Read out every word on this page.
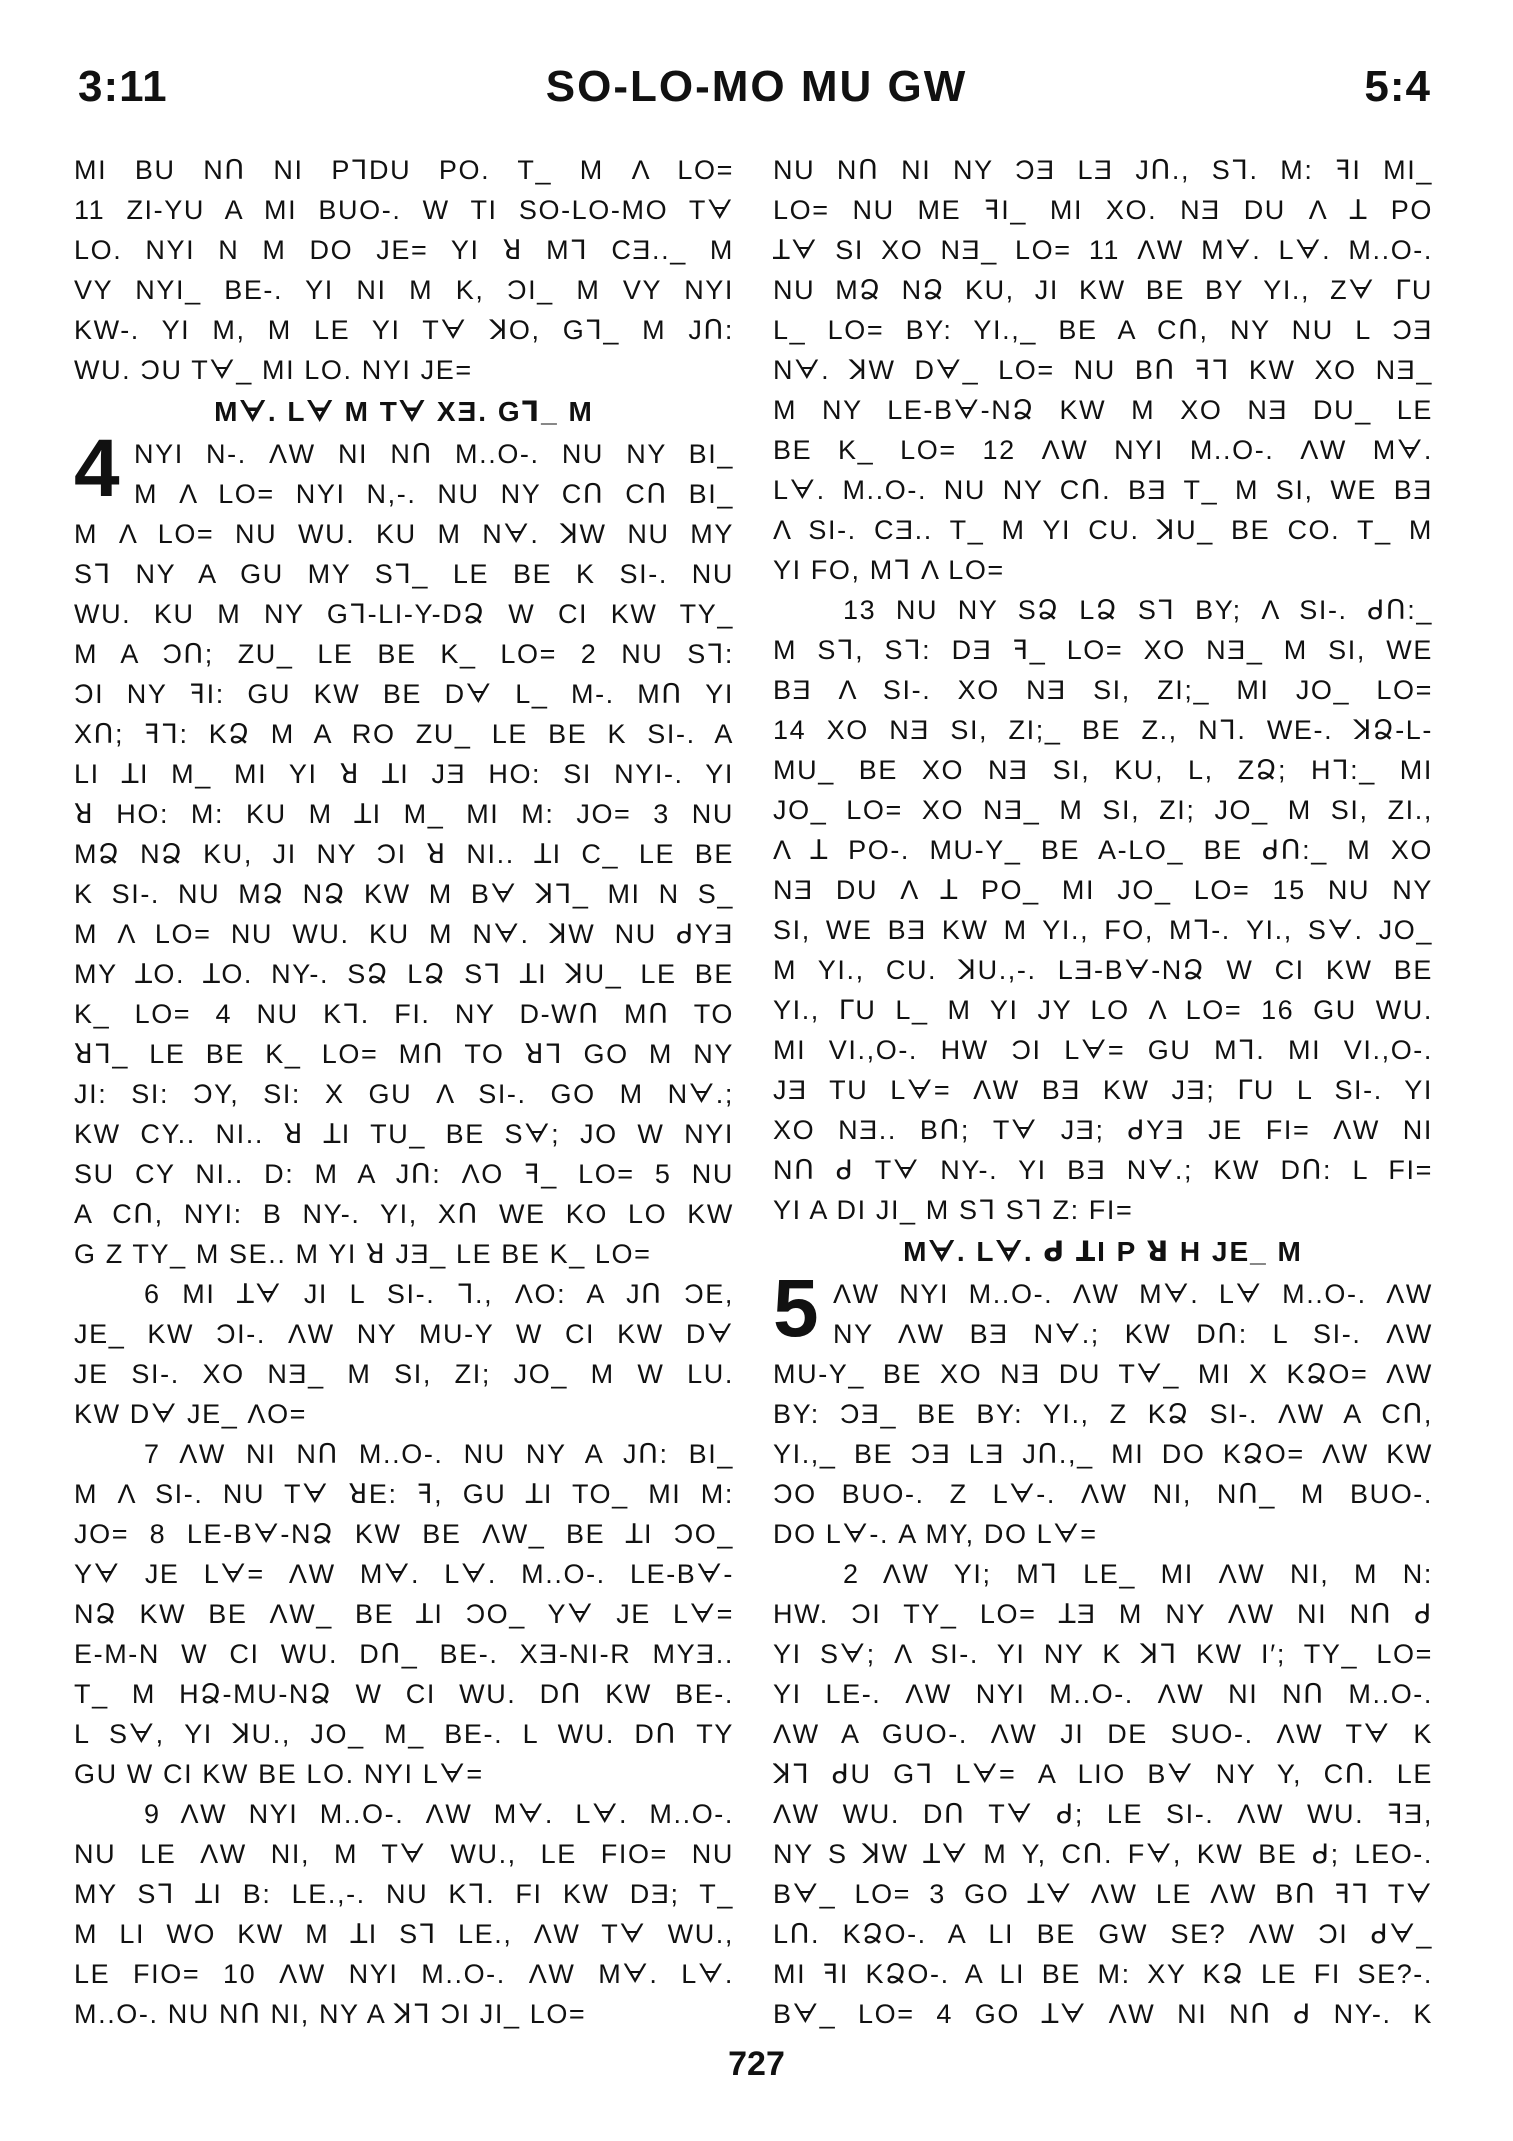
3:11	SO-LO-MO MU GW	5:4
MI BU NՈ NI PᒣDU PO. T_ M Λ LO=
11 ZI-YU A MI BUO-. W TI SO-LO-MO Tᗄ
LO. NYI N M DO JE= YI ꓤ Mᒣ CƎ.._ M
VY NYI_ BE-. YI NI M K, ƆI_ M VY NYI
KW-. YI M, M LE YI Tᗄ ꓘO, Gᒣ_ M JՈ:
WU. ƆU Tᗄ_ MI LO. NYI JE=
Mᗄ. Lᗄ M Tᗄ XƎ. Gᒣ_ M
4 NYI N-. ΛW NI NՈ M..O-. NU NY BI_
M Λ LO= NYI N,-. NU NY CՈ CՈ BI_
M Λ LO= NU WU. KU M Nᗄ. ꓘW NU MY
Sᒣ NY A GU MY Sᒣ_ LE BE K SI-. NU
WU. KU M NY Gᒣ-LI-Y-DՁ W CI KW TY_
M A ƆՈ; ZU_ LE BE K_ LO= 2 NU Sᒣ:
ƆI NY ꟻI: GU KW BE Dᗄ L_ M-. MՈ YI
XՈ; ꟻᒣ: KՁ M A RO ZU_ LE BE K SI-. A
LI ꓕI M_ MI YI ꓤ ꓕI JƎ HO: SI NYI-. YI
ꓤ HO: M: KU M ꓕI M_ MI M: JO= 3 NU
MՁ NՁ KU, JI NY ƆI ꓤ NI.. ꓕI C_ LE BE
K SI-. NU MՁ NՁ KW M Bᗄ ꓘᒣ_ MI N S_
M Λ LO= NU WU. KU M Nᗄ. ꓘW NU ᑯYƎ
MY ꓕO. ꓕO. NY-. SՁ LՁ Sᒣ ꓕI ꓘU_ LE BE
K_ LO= 4 NU Kᒣ. FI. NY D-WՈ MՈ TO
ꓤᒣ_ LE BE K_ LO= MՈ TO ꓤᒣ GO M NY
JI: SI: ƆY, SI: X GU Λ SI-. GO M Nᗄ.;
KW CY.. NI.. ꓤ ꓕI TU_ BE Sᗄ; JO W NYI
SU CY NI.. D: M A JՈ: ΛO ꟻ_ LO= 5 NU
A CՈ, NYI: B NY-. YI, XՈ WE KO LO KW
G Z TY_ M SE.. M YI ꓤ JƎ_ LE BE K_ LO=
6 MI ꓕᗄ JI L SI-. ᒣ., ΛO: A JՈ ƆE,
JE_ KW ƆI-. ΛW NY MU-Y W CI KW Dᗄ
JE SI-. XO NƎ_ M SI, ZI; JO_ M W LU.
KW Dᗄ JE_ ΛO=
7 ΛW NI NՈ M..O-. NU NY A JՈ: BI_
M Λ SI-. NU Tᗄ ꓤE: ꟻ, GU ꓕI TO_ MI M:
JO= 8 LE-Bᗄ-NՁ KW BE ΛW_ BE ꓕI ƆO_
Yᗄ JE Lᗄ= ΛW Mᗄ. Lᗄ. M..O-. LE-Bᗄ-
NՁ KW BE ΛW_ BE ꓕI ƆO_ Yᗄ JE Lᗄ=
E-M-N W CI WU. DՈ_ BE-. XƎ-NI-R MYƎ..
T_ M HՁ-MU-NՁ W CI WU. DՈ KW BE-.
L Sᗄ, YI ꓘU., JO_ M_ BE-. L WU. DՈ TY
GU W CI KW BE LO. NYI Lᗄ=
9 ΛW NYI M..O-. ΛW Mᗄ. Lᗄ. M..O-.
NU LE ΛW NI, M Tᗄ WU., LE FIO= NU
MY Sᒣ ꓕI B: LE.,-. NU Kᒣ. FI KW DƎ; T_
M LI WO KW M ꓕI Sᒣ LE., ΛW Tᗄ WU.,
LE FIO= 10 ΛW NYI M..O-. ΛW Mᗄ. Lᗄ.
M..O-. NU NՈ NI, NY A ꓘᒣ ƆI JI_ LO=
NU NՈ NI NY ƆƎ LƎ JՈ., Sᒣ. M: ꟻI MI_
LO= NU ME ꟻI_ MI XO. NƎ DU Λ ꓕ PO
ꓕᗄ SI XO NƎ_ LO= 11 ΛW Mᗄ. Lᗄ. M..O-.
NU MՁ NՁ KU, JI KW BE BY YI., Zᗄ ᒥU
L_ LO= BY: YI.,_ BE A CՈ, NY NU L ƆƎ
Nᗄ. ꓘW Dᗄ_ LO= NU BՈ ꟻᒣ KW XO NƎ_
M NY LE-Bᗄ-NՁ KW M XO NƎ DU_ LE
BE K_ LO= 12 ΛW NYI M..O-. ΛW Mᗄ.
Lᗄ. M..O-. NU NY CՈ. BƎ T_ M SI, WE BƎ
Λ SI-. CƎ.. T_ M YI CU. ꓘU_ BE CO. T_ M
YI FO, Mᒣ Λ LO=
13 NU NY SՁ LՁ Sᒣ BY; Λ SI-. ᑯՈ:_
M Sᒣ, Sᒣ: DƎ ꟻ_ LO= XO NƎ_ M SI, WE
BƎ Λ SI-. XO NƎ SI, ZI;_ MI JO_ LO=
14 XO NƎ SI, ZI;_ BE Z., Nᒣ. WE-. ꓘՁ-L-
MU_ BE XO NƎ SI, KU, L, ZՁ; Hᒣ:_ MI
JO_ LO= XO NƎ_ M SI, ZI; JO_ M SI, ZI.,
Λ ꓕ PO-. MU-Y_ BE A-LO_ BE ᑯՈ:_ M XO
NƎ DU Λ ꓕ PO_ MI JO_ LO= 15 NU NY
SI, WE BƎ KW M YI., FO, Mᒣ-. YI., Sᗄ. JO_
M YI., CU. ꓘU.,-. LƎ-Bᗄ-NՁ W CI KW BE
YI., ᒥU L_ M YI JY LO Λ LO= 16 GU WU.
MI VI.,O-. HW ƆI Lᗄ= GU Mᒣ. MI VI.,O-.
JƎ TU Lᗄ= ΛW BƎ KW JƎ; ᒥU L SI-. YI
XO NƎ.. BՈ; Tᗄ JƎ; ᑯYƎ JE FI= ΛW NI
NՈ ᑯ Tᗄ NY-. YI BƎ Nᗄ.; KW DՈ: L FI=
YI A DI JI_ M Sᒣ Sᒣ Z: FI=
Mᗄ. Lᗄ. ᑯ ꓕI P ꓤ H JE_ M
5 ΛW NYI M..O-. ΛW Mᗄ. Lᗄ M..O-. ΛW
NY ΛW BƎ Nᗄ.; KW DՈ: L SI-. ΛW
MU-Y_ BE XO NƎ DU Tᗄ_ MI X KՁO= ΛW
BY: ƆƎ_ BE BY: YI., Z KՁ SI-. ΛW A CՈ,
YI.,_ BE ƆƎ LƎ JՈ.,_ MI DO KՁO= ΛW KW
ƆO BUO-. Z Lᗄ-. ΛW NI, NՈ_ M BUO-.
DO Lᗄ-. A MY, DO Lᗄ=
2 ΛW YI; Mᒣ LE_ MI ΛW NI, M N:
HW. ƆI TY_ LO= ꓕƎ M NY ΛW NI NՈ ᑯ
YI Sᗄ; Λ SI-. YI NY K ꓘᒣ KW I′; TY_ LO=
YI LE-. ΛW NYI M..O-. ΛW NI NՈ M..O-.
ΛW A GUO-. ΛW JI DE SUO-. ΛW Tᗄ K
ꓘᒣ ᑯU Gᒣ Lᗄ= A LIO Bᗄ NY Y, CՈ. LE
ΛW WU. DՈ Tᗄ ᑯ; LE SI-. ΛW WU. ꟻƎ,
NY S ꓘW ꓕᗄ M Y, CՈ. Fᗄ, KW BE ᑯ; LEO-.
Bᗄ_ LO= 3 GO ꓕᗄ ΛW LE ΛW BՈ ꟻᒣ Tᗄ
LՈ. KՁO-. A LI BE GW SE? ΛW ƆI ᑯᗄ_
MI ꟻI KՁO-. A LI BE M: XY KՁ LE FI SE?-.
Bᗄ_ LO= 4 GO ꓕᗄ ΛW NI NՈ ᑯ NY-. K
727
